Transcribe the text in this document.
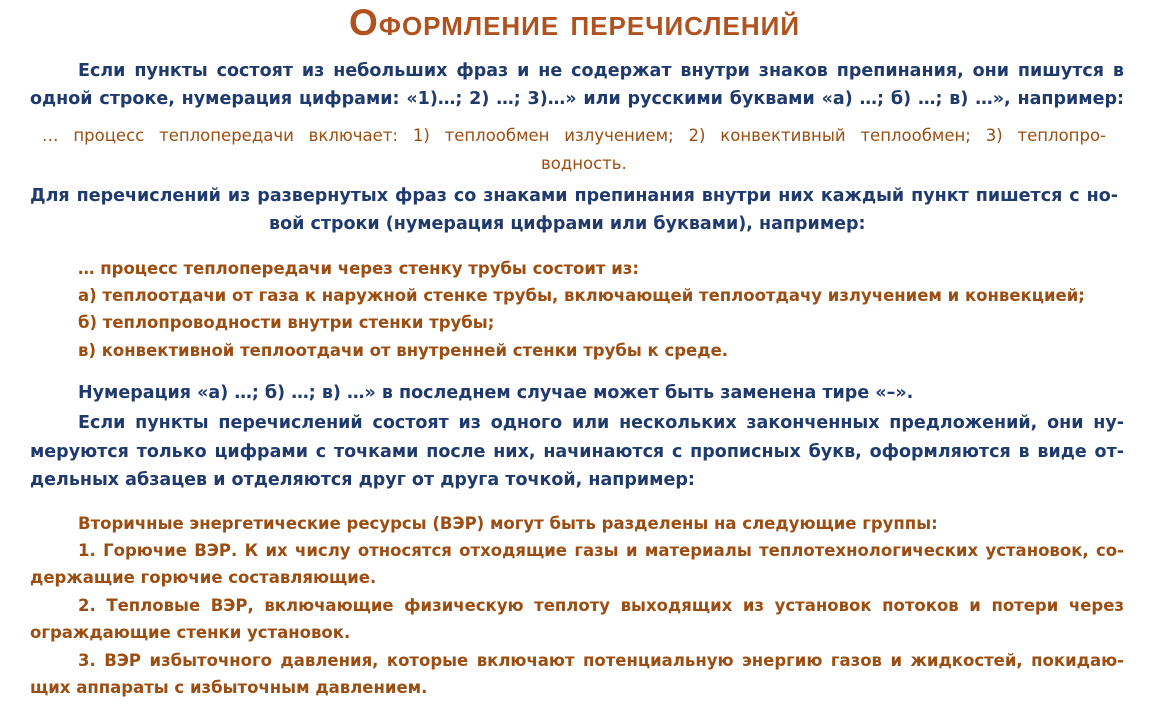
Оформление перечислений
Если пункты состоят из небольших фраз и не содержат внутри знаков препинания, они пишутся в
одной строке, нумерация цифрами: «1)…; 2) …; 3)…» или русскими буквами «а) …; б) …; в) …», например:
… процесс теплопередачи включает: 1) теплообмен излучением; 2) конвективный теплообмен; 3) теплопро-
водность.
Для перечислений из развернутых фраз со знаками препинания внутри них каждый пункт пишется с но-
вой строки (нумерация цифрами или буквами), например:
… процесс теплопередачи через стенку трубы состоит из:
а) теплоотдачи от газа к наружной стенке трубы, включающей теплоотдачу излучением и конвекцией;
б) теплопроводности внутри стенки трубы;
в) конвективной теплоотдачи от внутренней стенки трубы к среде.
Нумерация «а) …; б) …; в) …» в последнем случае может быть заменена тире «–».
Если пункты перечислений состоят из одного или нескольких законченных предложений, они ну-
меруются только цифрами с точками после них, начинаются с прописных букв, оформляются в виде от-
дельных абзацев и отделяются друг от друга точкой, например:
Вторичные энергетические ресурсы (ВЭР) могут быть разделены на следующие группы:
1. Горючие ВЭР. К их числу относятся отходящие газы и материалы теплотехнологических установок, со-
держащие горючие составляющие.
2. Тепловые ВЭР, включающие физическую теплоту выходящих из установок потоков и потери через
ограждающие стенки установок.
3. ВЭР избыточного давления, которые включают потенциальную энергию газов и жидкостей, покидаю-
щих аппараты с избыточным давлением.
